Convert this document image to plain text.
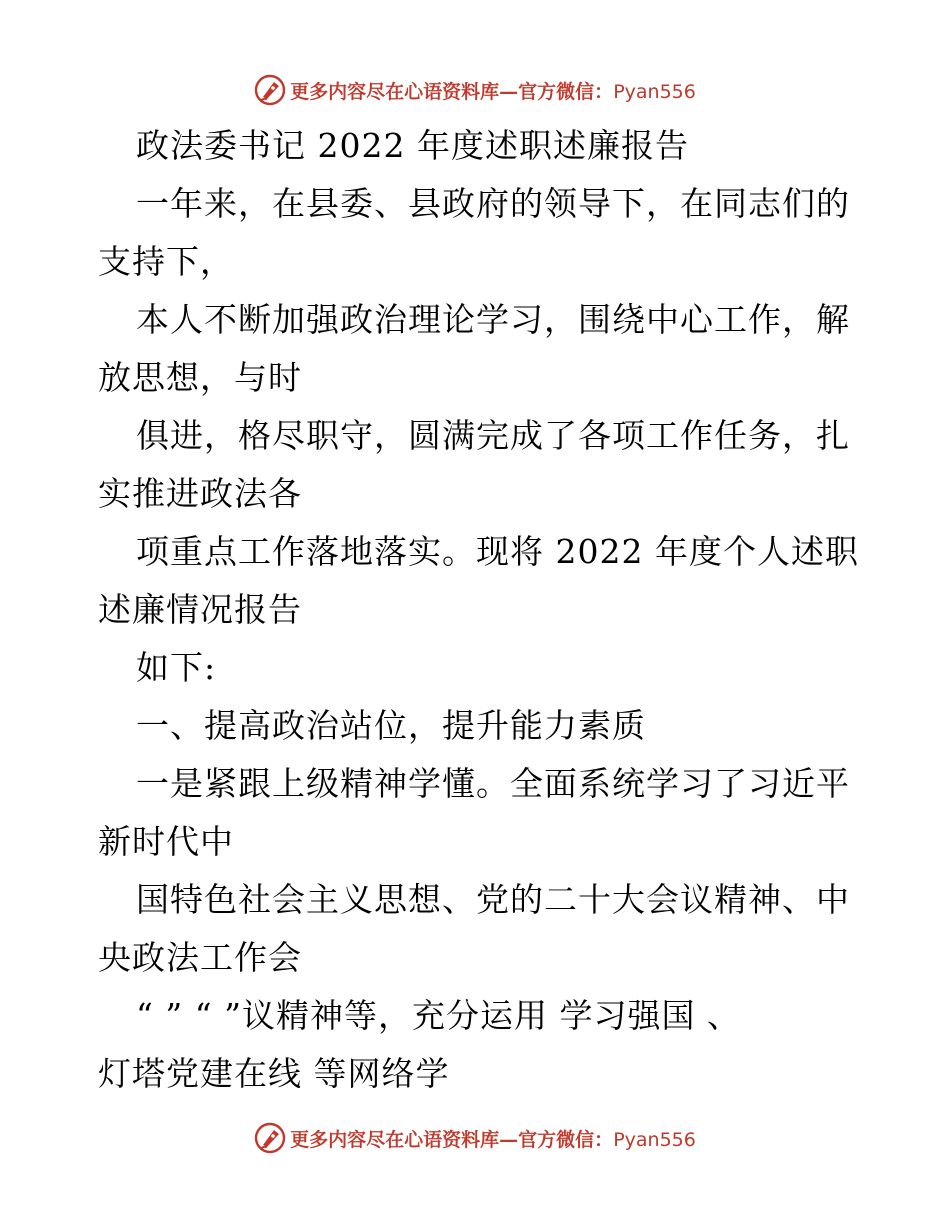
更多内容尽在心语资料库—官方微信：Pyan556
政法委书记 2022 年度述职述廉报告
一年来，在县委、县政府的领导下，在同志们的
支持下，
本人不断加强政治理论学习，围绕中心工作，解
放思想，与时
俱进，格尽职守，圆满完成了各项工作任务，扎
实推进政法各
项重点工作落地落实。现将 2022 年度个人述职
述廉情况报告
如下:
一、提高政治站位，提升能力素质
一是紧跟上级精神学懂。全面系统学习了习近平
新时代中
国特色社会主义思想、党的二十大会议精神、中
央政法工作会
“ ” “ ”议精神等，充分运用 学习强国 、
灯塔党建在线 等网络学
更多内容尽在心语资料库—官方微信：Pyan556
